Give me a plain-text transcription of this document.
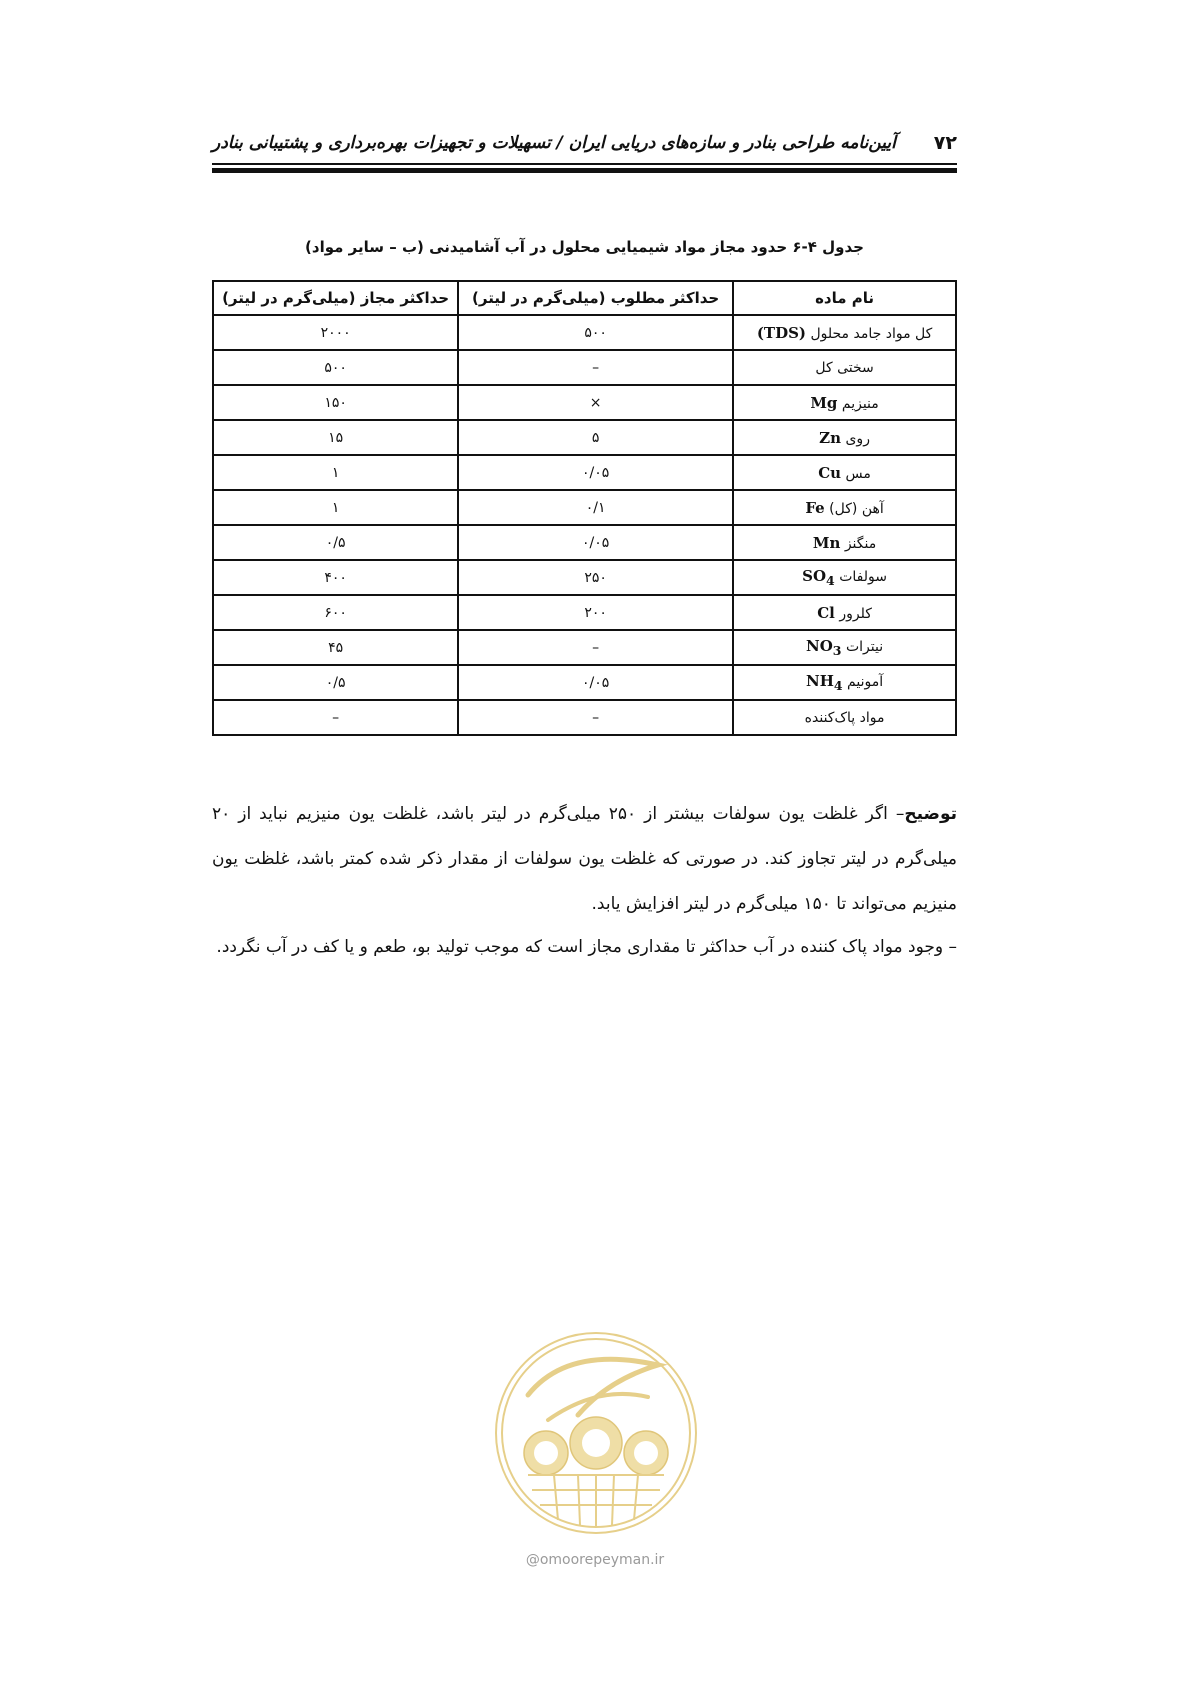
۷۲
آیین‌نامه طراحی بنادر و سازه‌های دریایی ایران / تسهیلات و تجهیزات بهره‌برداری و پشتیبانی بنادر
جدول ۴-۶ حدود مجاز مواد شیمیایی محلول در آب آشامیدنی (ب – سایر مواد)
نام ماده	حداکثر مطلوب (میلی‌گرم در لیتر)	حداکثر مجاز (میلی‌گرم در لیتر)
کل مواد جامد محلول (TDS)	۵۰۰	۲۰۰۰
سختی کل	–	۵۰۰
منیزیم Mg	×	۱۵۰
روی Zn	۵	۱۵
مس Cu	۰/۰۵	۱
آهن (کل) Fe	۰/۱	۱
منگنز Mn	۰/۰۵	۰/۵
سولفات $SO_4$	۲۵۰	۴۰۰
کلرور Cl	۲۰۰	۶۰۰
نیترات $NO_3$	–	۴۵
آمونیم $NH_4$	۰/۰۵	۰/۵
مواد پاک‌کننده	–	–
توضیح– اگر غلظت یون سولفات بیشتر از ۲۵۰ میلی‌گرم در لیتر باشد، غلظت یون منیزیم نباید از ۲۰ میلی‌گرم در لیتر تجاوز کند. در صورتی که غلظت یون سولفات از مقدار ذکر شده کمتر باشد، غلظت یون منیزیم می‌تواند تا ۱۵۰ میلی‌گرم در لیتر افزایش یابد.
– وجود مواد پاک کننده در آب حداکثر تا مقداری مجاز است که موجب تولید بو، طعم و یا کف در آب نگردد.
@omoorepeyman.ir
